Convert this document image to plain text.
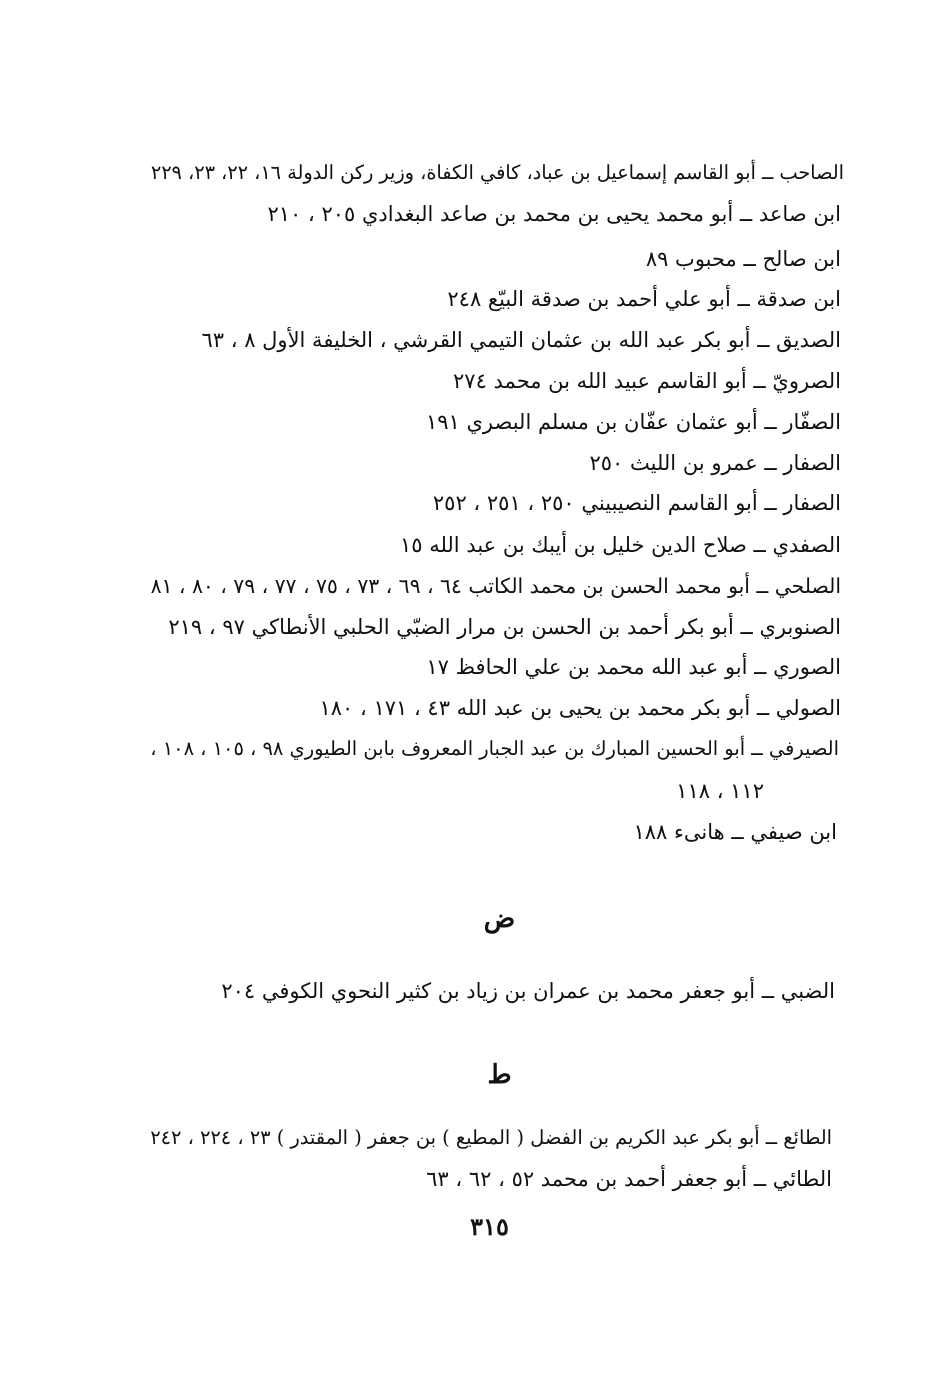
الصاحب ــ أبو القاسم إسماعيل بن عباد، كافي الكفاة، وزير ركن الدولة ١٦، ٢٢، ٢٣، ٢٢٩
ابن صاعد ــ أبو محمد يحيى بن محمد بن صاعد البغدادي ٢٠٥ ، ٢١٠
ابن صالح ــ محبوب ٨٩
ابن صدقة ــ أبو علي أحمد بن صدقة البيّع ٢٤٨
الصديق ــ أبو بكر عبد الله بن عثمان التيمي القرشي ، الخليفة الأول ٨ ، ٦٣
الصرويّ ــ أبو القاسم عبيد الله بن محمد ٢٧٤
الصفّار ــ أبو عثمان عفّان بن مسلم البصري ١٩١
الصفار ــ عمرو بن الليث ٢٥٠
الصفار ــ أبو القاسم النصيبيني ٢٥٠ ، ٢٥١ ، ٢٥٢
الصفدي ــ صلاح الدين خليل بن أيبك بن عبد الله ١٥
الصلحي ــ أبو محمد الحسن بن محمد الكاتب ٦٤ ، ٦٩ ، ٧٣ ، ٧٥ ، ٧٧ ، ٧٩ ، ٨٠ ، ٨١
الصنوبري ــ أبو بكر أحمد بن الحسن بن مرار الضبّي الحلبي الأنطاكي ٩٧ ، ٢١٩
الصوري ــ أبو عبد الله محمد بن علي الحافظ ١٧
الصولي ــ أبو بكر محمد بن يحيى بن عبد الله ٤٣ ، ١٧١ ، ١٨٠
الصيرفي ــ أبو الحسين المبارك بن عبد الجبار المعروف بابن الطيوري ٩٨ ، ١٠٥ ، ١٠٨ ،
١١٢ ، ١١٨
ابن صيفي ــ هانىء ١٨٨
ض
الضبي ــ أبو جعفر محمد بن عمران بن زياد بن كثير النحوي الكوفي ٢٠٤
ط
الطائع ــ أبو بكر عبد الكريم بن الفضل ( المطيع ) بن جعفر ( المقتدر ) ٢٣ ، ٢٢٤ ، ٢٤٢
الطائي ــ أبو جعفر أحمد بن محمد ٥٢ ، ٦٢ ، ٦٣
٣١٥
